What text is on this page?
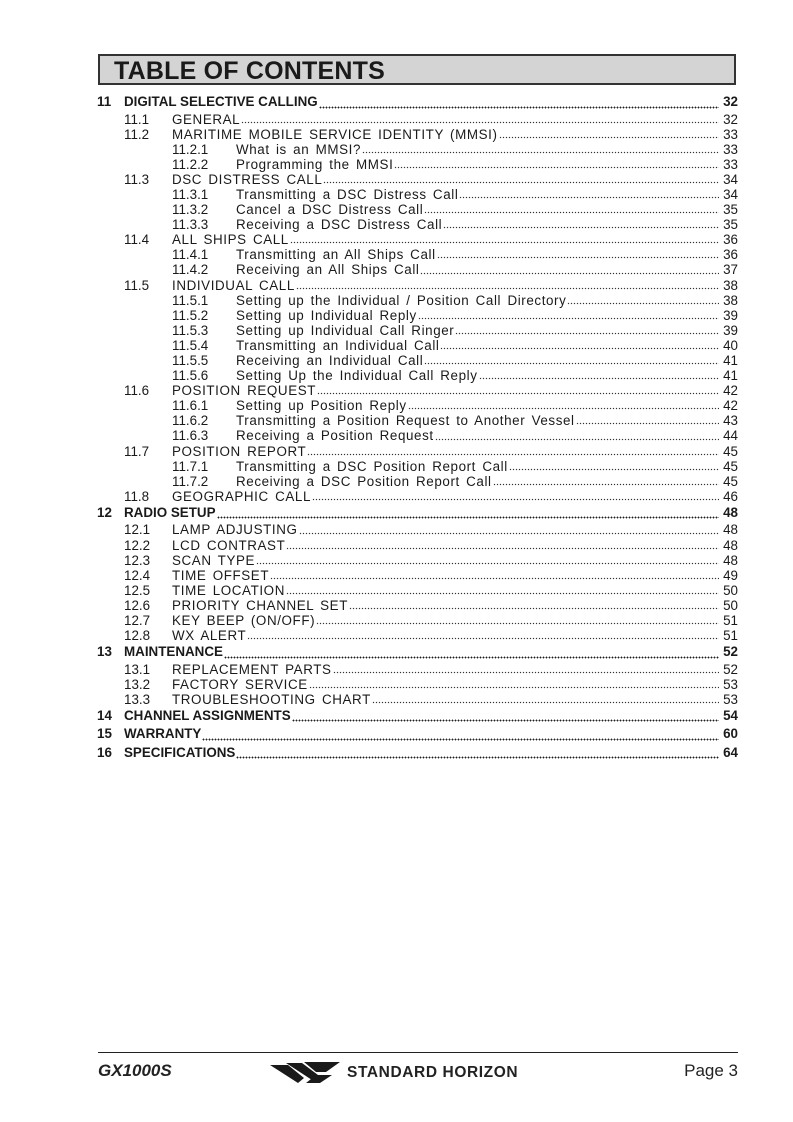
TABLE OF CONTENTS
11 DIGITAL SELECTIVE CALLING	32
11.1	GENERAL	32
11.2	MARITIME MOBILE SERVICE IDENTITY (MMSI)	33
11.2.1	What is an MMSI?	33
11.2.2	Programming the MMSI	33
11.3	DSC DISTRESS CALL	34
11.3.1	Transmitting a DSC Distress Call	34
11.3.2	Cancel a DSC Distress Call	35
11.3.3	Receiving a DSC Distress Call	35
11.4	ALL SHIPS CALL	36
11.4.1	Transmitting an All Ships Call	36
11.4.2	Receiving an All Ships Call	37
11.5	INDIVIDUAL CALL	38
11.5.1	Setting up the Individual / Position Call Directory	38
11.5.2	Setting up Individual Reply	39
11.5.3	Setting up Individual Call Ringer	39
11.5.4	Transmitting an Individual Call	40
11.5.5	Receiving an Individual Call	41
11.5.6	Setting Up the Individual Call Reply	41
11.6	POSITION REQUEST	42
11.6.1	Setting up Position Reply	42
11.6.2	Transmitting a Position Request to Another Vessel	43
11.6.3	Receiving a Position Request	44
11.7	POSITION REPORT	45
11.7.1	Transmitting a DSC Position Report Call	45
11.7.2	Receiving a DSC Position Report Call	45
11.8	GEOGRAPHIC CALL	46
12 RADIO SETUP	48
12.1	LAMP ADJUSTING	48
12.2	LCD CONTRAST	48
12.3	SCAN TYPE	48
12.4	TIME OFFSET	49
12.5	TIME LOCATION	50
12.6	PRIORITY CHANNEL SET	50
12.7	KEY BEEP (ON/OFF)	51
12.8	WX ALERT	51
13 MAINTENANCE	52
13.1	REPLACEMENT PARTS	52
13.2	FACTORY SERVICE	53
13.3	TROUBLESHOOTING CHART	53
14 CHANNEL ASSIGNMENTS	54
15 WARRANTY	60
16 SPECIFICATIONS	64
GX1000S	STANDARD HORIZON	Page 3
